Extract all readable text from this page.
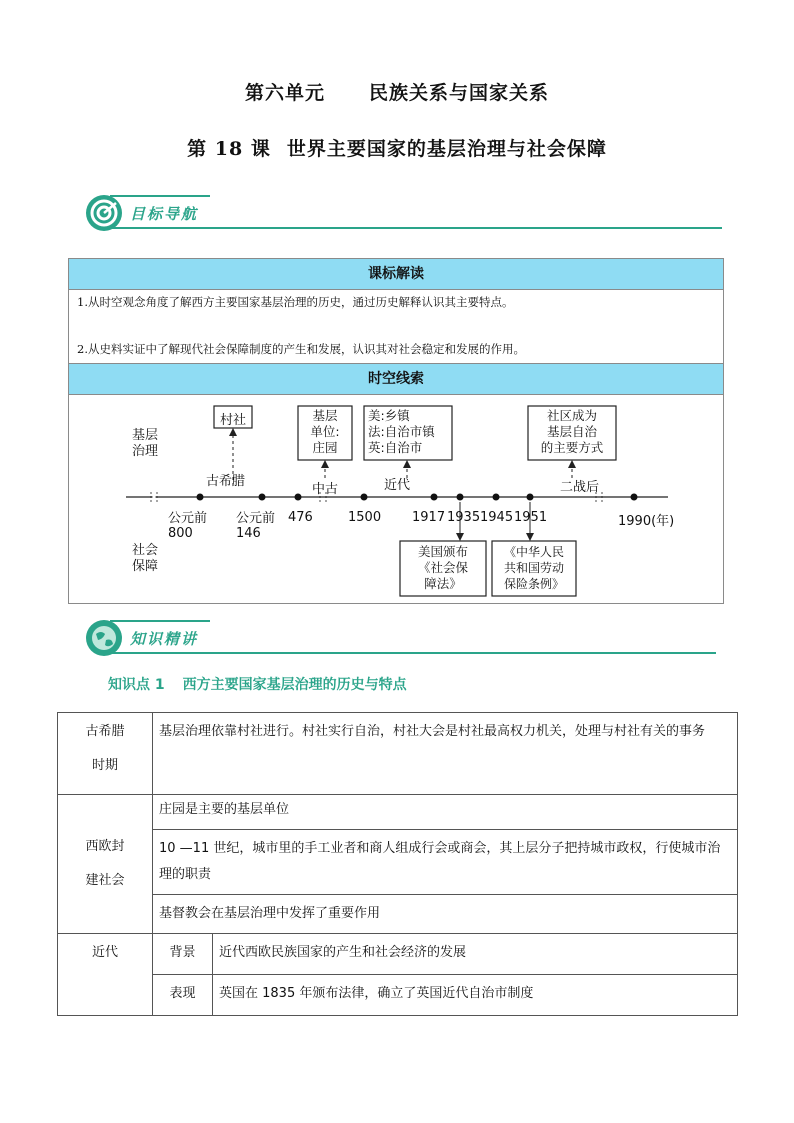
第六单元 民族关系与国家关系
第 18 课 世界主要国家的基层治理与社会保障
目标导航
课标解读
1.从时空观念角度了解西方主要国家基层治理的历史，通过历史解释认识其主要特点。
2.从史料实证中了解现代社会保障制度的产生和发展，认识其对社会稳定和发展的作用。
时空线索
基层
治理
社会
保障
古希腊
中古	近代	二战后
公元前
800
公元前
146
476	1500 1917 1935 1945 1951	1990(年)
村社	基层
单位:
庄园
美:乡镇
法:自治市镇
英:自治市
社区成为
基层自治
的主要方式
美国颁布
《社会保
障法》
《中华人民
共和国劳动
保险条例》
知识精讲
知识点 1 西方主要国家基层治理的历史与特点
古希腊
时期	基层治理依靠村社进行。村社实行自治，村社大会是村社最高权力机关，处理与村社有关的事务	

西欧封
建社会	庄园是主要的基层单位	
	10 —11 世纪，城市里的手工业者和商人组成行会或商会，其上层分子把持城市政权，行使城市治理的职责	
	基督教会在基层治理中发挥了重要作用	
近代	背景	近代西欧民族国家的产生和社会经济的发展
	表现	英国在 1835 年颁布法律，确立了英国近代自治市制度
